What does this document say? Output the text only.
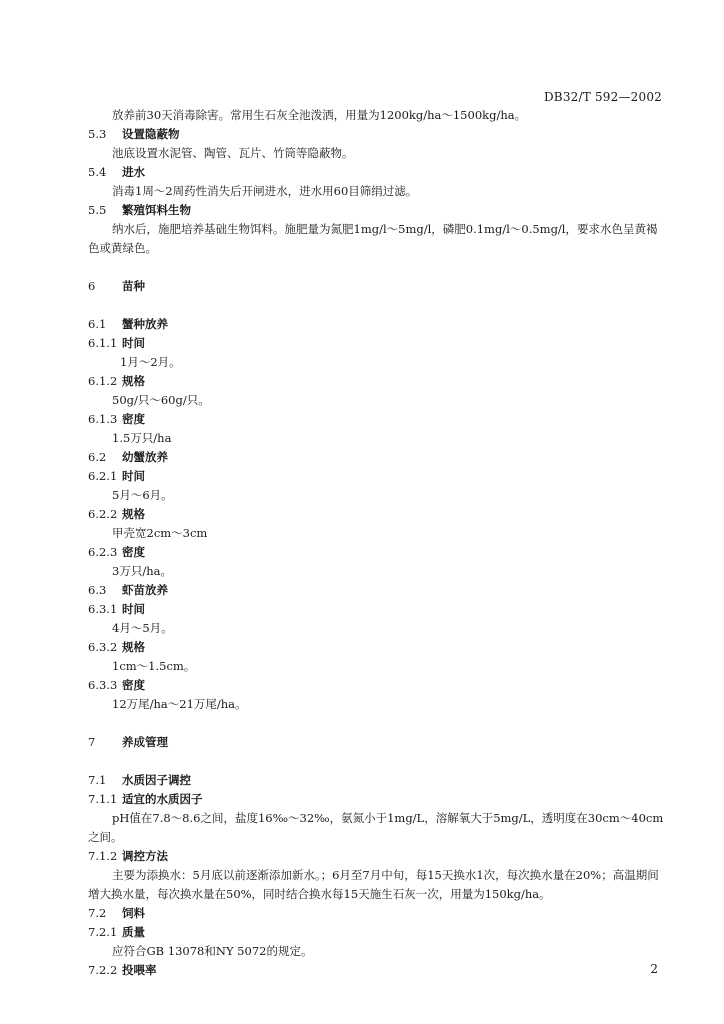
DB32/T 592—2002
放养前30天消毒除害。常用生石灰全池泼洒，用量为1200kg/ha～1500kg/ha。
5.3 设置隐蔽物
池底设置水泥管、陶管、瓦片、竹筒等隐蔽物。
5.4 进水
消毒1周～2周药性消失后开闸进水，进水用60目筛绢过滤。
5.5 繁殖饵料生物
纳水后，施肥培养基础生物饵料。施肥量为氮肥1mg/l～5mg/l，磷肥0.1mg/l～0.5mg/l，要求水色呈黄褐色或黄绿色。
6 苗种
6.1 蟹种放养
6.1.1 时间
1月～2月。
6.1.2 规格
50g/只～60g/只。
6.1.3 密度
1.5万只/ha
6.2 幼蟹放养
6.2.1 时间
5月～6月。
6.2.2 规格
甲壳宽2cm～3cm
6.2.3 密度
3万只/ha。
6.3 虾苗放养
6.3.1 时间
4月～5月。
6.3.2 规格
1cm～1.5cm。
6.3.3 密度
12万尾/ha～21万尾/ha。
7 养成管理
7.1 水质因子调控
7.1.1 适宜的水质因子
pH值在7.8～8.6之间，盐度16‰～32‰，氨氮小于1mg/L，溶解氧大于5mg/L，透明度在30cm～40cm之间。
7.1.2 调控方法
主要为添换水：5月底以前逐渐添加新水。；6月至7月中旬，每15天换水1次，每次换水量在20%；高温期间增大换水量，每次换水量在50%，同时结合换水每15天施生石灰一次，用量为150kg/ha。
7.2 饲料
7.2.1 质量
应符合GB 13078和NY 5072的规定。
7.2.2 投喂率	2
